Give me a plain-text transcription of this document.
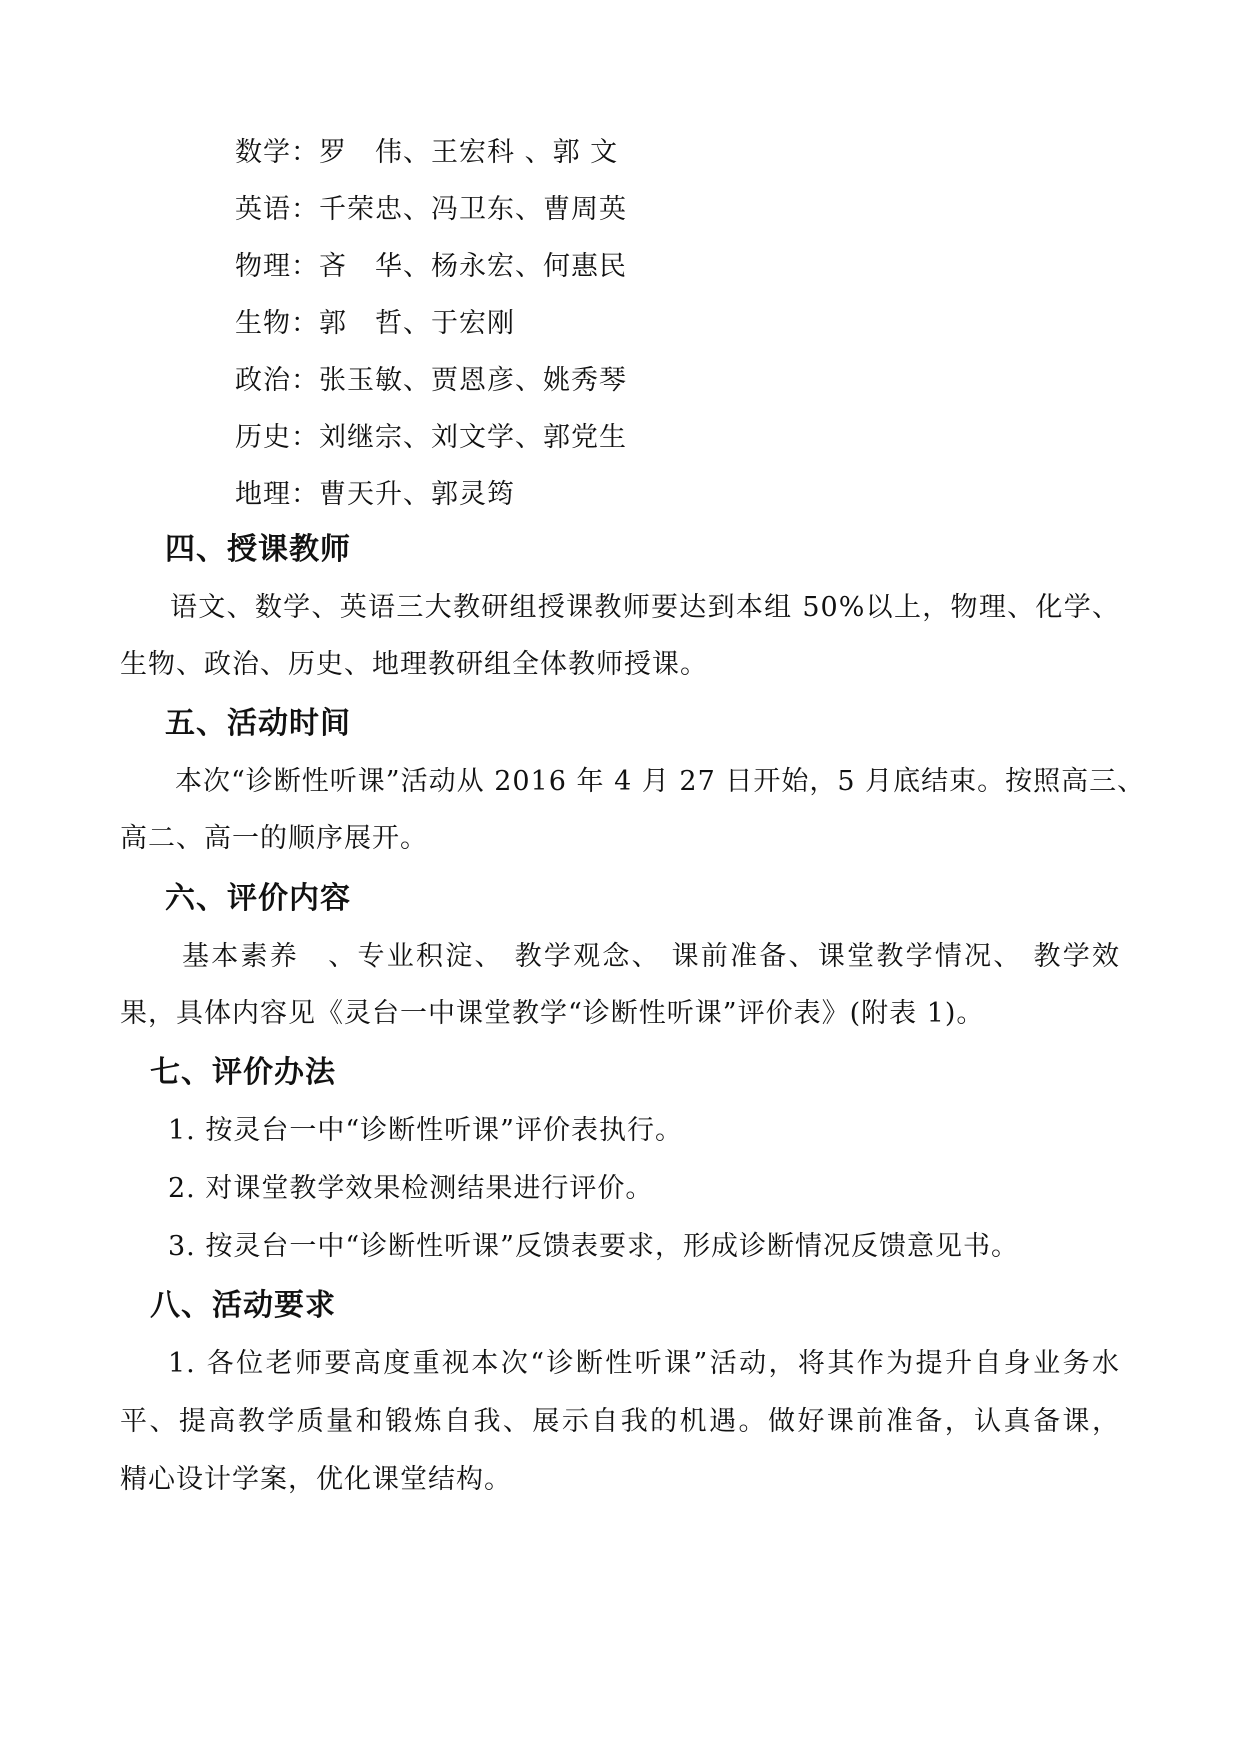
数学：罗　伟、王宏科 、郭 文
英语：千荣忠、冯卫东、曹周英
物理：吝　华、杨永宏、何惠民
生物：郭　哲、于宏刚
政治：张玉敏、贾恩彦、姚秀琴
历史：刘继宗、刘文学、郭党生
地理：曹天升、郭灵筠
四、授课教师
语文、数学、英语三大教研组授课教师要达到本组 50%以上，物理、化学、
生物、政治、历史、地理教研组全体教师授课。
五、活动时间
本次“诊断性听课”活动从 2016 年 4 月 27 日开始，5 月底结束。按照高三、
高二、高一的顺序展开。
六、评价内容
基本素养　、专业积淀、 教学观念、 课前准备、课堂教学情况、 教学效
果，具体内容见《灵台一中课堂教学“诊断性听课”评价表》(附表 1)。
七、评价办法
1. 按灵台一中“诊断性听课”评价表执行。
2. 对课堂教学效果检测结果进行评价。
3. 按灵台一中“诊断性听课”反馈表要求，形成诊断情况反馈意见书。
八、活动要求
1. 各位老师要高度重视本次“诊断性听课”活动，将其作为提升自身业务水
平、提高教学质量和锻炼自我、展示自我的机遇。做好课前准备，认真备课，
精心设计学案，优化课堂结构。
